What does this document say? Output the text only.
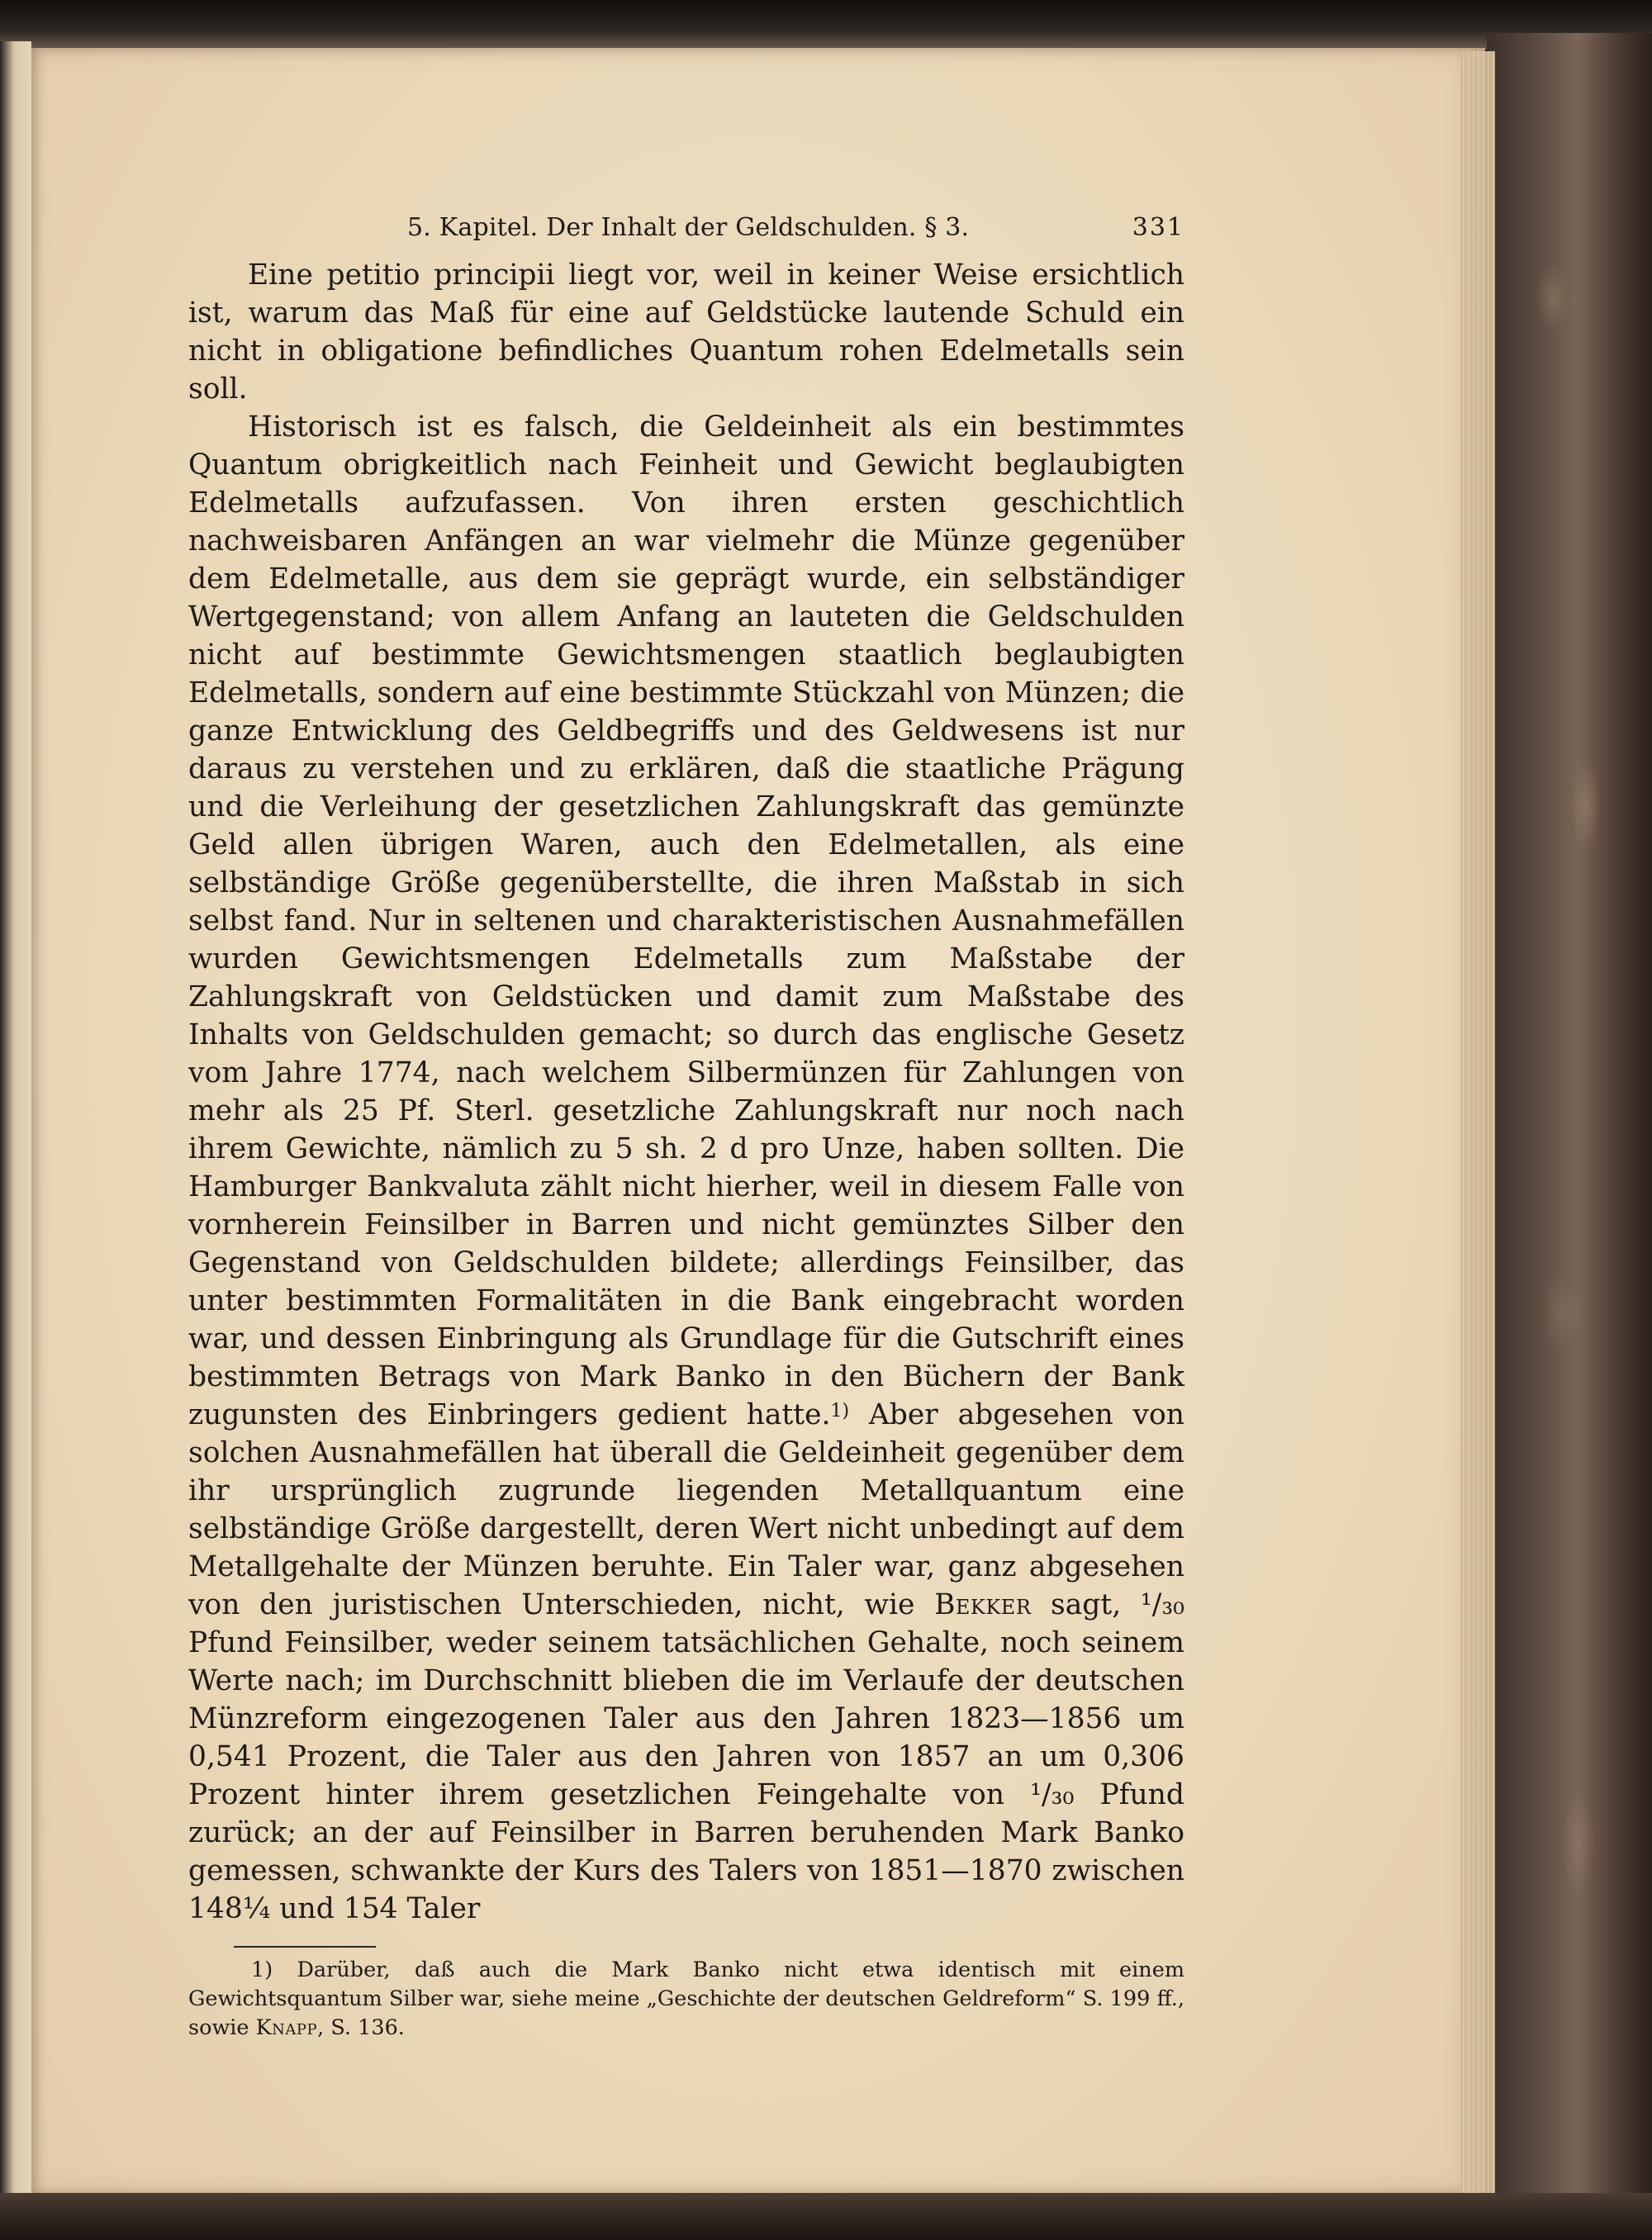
5. Kapitel. Der Inhalt der Geldschulden. § 3.	331

Eine petitio principii liegt vor, weil in keiner Weise ersichtlich ist, warum das Maß für eine auf Geldstücke lautende Schuld ein nicht in obligatione befindliches Quantum rohen Edelmetalls sein soll.

Historisch ist es falsch, die Geldeinheit als ein bestimmtes Quantum obrigkeitlich nach Feinheit und Gewicht beglaubigten Edelmetalls aufzufassen. Von ihren ersten geschichtlich nachweisbaren Anfängen an war vielmehr die Münze gegenüber dem Edelmetalle, aus dem sie geprägt wurde, ein selbständiger Wertgegenstand; von allem Anfang an lauteten die Geldschulden nicht auf bestimmte Gewichtsmengen staatlich beglaubigten Edelmetalls, sondern auf eine bestimmte Stückzahl von Münzen; die ganze Entwicklung des Geldbegriffs und des Geldwesens ist nur daraus zu verstehen und zu erklären, daß die staatliche Prägung und die Verleihung der gesetzlichen Zahlungskraft das gemünzte Geld allen übrigen Waren, auch den Edelmetallen, als eine selbständige Größe gegenüberstellte, die ihren Maßstab in sich selbst fand. Nur in seltenen und charakteristischen Ausnahmefällen wurden Gewichtsmengen Edelmetalls zum Maßstabe der Zahlungskraft von Geldstücken und damit zum Maßstabe des Inhalts von Geldschulden gemacht; so durch das englische Gesetz vom Jahre 1774, nach welchem Silbermünzen für Zahlungen von mehr als 25 Pf. Sterl. gesetzliche Zahlungskraft nur noch nach ihrem Gewichte, nämlich zu 5 sh. 2 d pro Unze, haben sollten. Die Hamburger Bankvaluta zählt nicht hierher, weil in diesem Falle von vornherein Feinsilber in Barren und nicht gemünztes Silber den Gegenstand von Geldschulden bildete; allerdings Feinsilber, das unter bestimmten Formalitäten in die Bank eingebracht worden war, und dessen Einbringung als Grundlage für die Gutschrift eines bestimmten Betrags von Mark Banko in den Büchern der Bank zugunsten des Einbringers gedient hatte.$^{1)}$ Aber abgesehen von solchen Ausnahmefällen hat überall die Geldeinheit gegenüber dem ihr ursprünglich zugrunde liegenden Metallquantum eine selbständige Größe dargestellt, deren Wert nicht unbedingt auf dem Metallgehalte der Münzen beruhte. Ein Taler war, ganz abgesehen von den juristischen Unterschieden, nicht, wie Bekker sagt, ¹/₃₀ Pfund Feinsilber, weder seinem tatsächlichen Gehalte, noch seinem Werte nach; im Durchschnitt blieben die im Verlaufe der deutschen Münzreform eingezogenen Taler aus den Jahren 1823—1856 um 0,541 Prozent, die Taler aus den Jahren von 1857 an um 0,306 Prozent hinter ihrem gesetzlichen Feingehalte von ¹/₃₀ Pfund zurück; an der auf Feinsilber in Barren beruhenden Mark Banko gemessen, schwankte der Kurs des Talers von 1851—1870 zwischen 148¼ und 154 Taler

1) Darüber, daß auch die Mark Banko nicht etwa identisch mit einem Gewichtsquantum Silber war, siehe meine „Geschichte der deutschen Geldreform“ S. 199 ff., sowie Knapp, S. 136.
